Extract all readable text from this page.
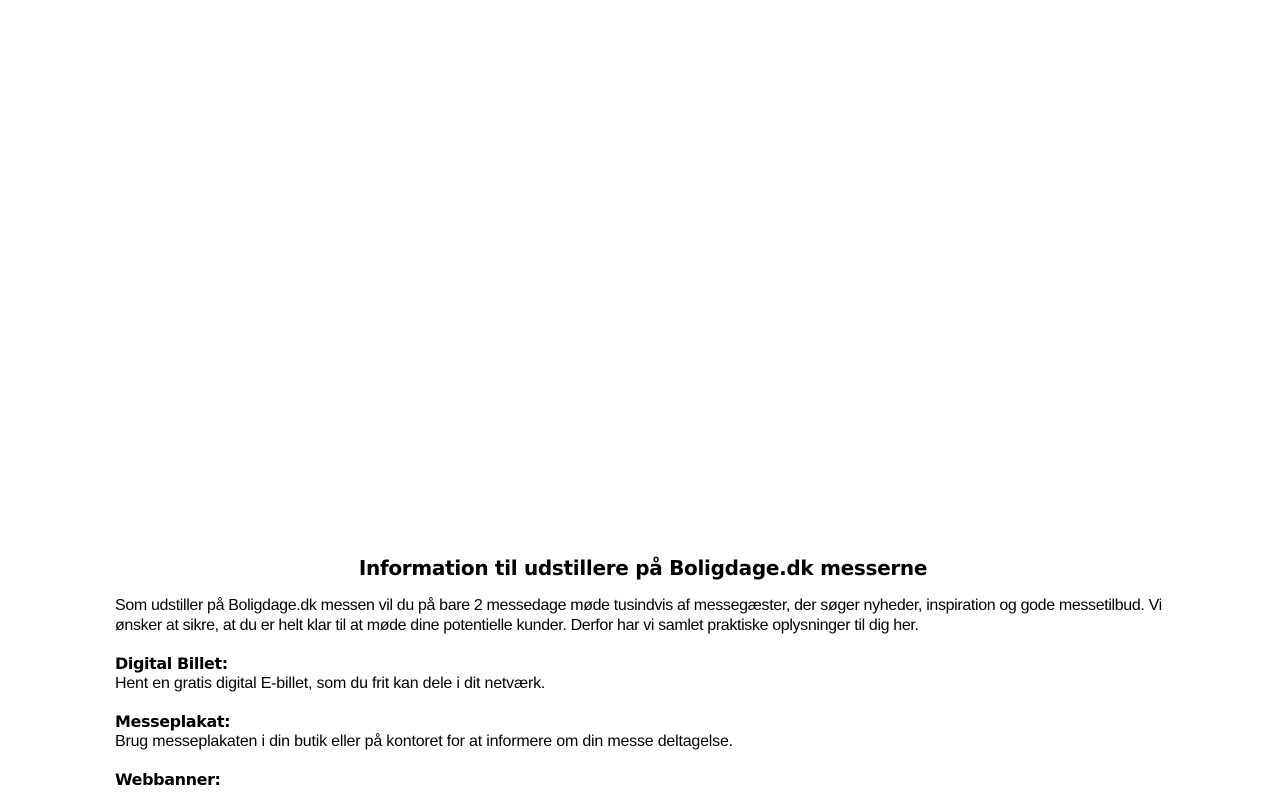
Information til udstillere på Boligdage.dk messerne

Som udstiller på Boligdage.dk messen vil du på bare 2 messedage møde tusindvis af messegæster, der søger nyheder, inspiration og gode messetilbud. Vi ønsker at sikre, at du er helt klar til at møde dine potentielle kunder. Derfor har vi samlet praktiske oplysninger til dig her.

Digital Billet:
Hent en gratis digital E-billet, som du frit kan dele i dit netværk.
Messeplakat:
Brug messeplakaten i din butik eller på kontoret for at informere om din messe deltagelse.
Webbanner:
